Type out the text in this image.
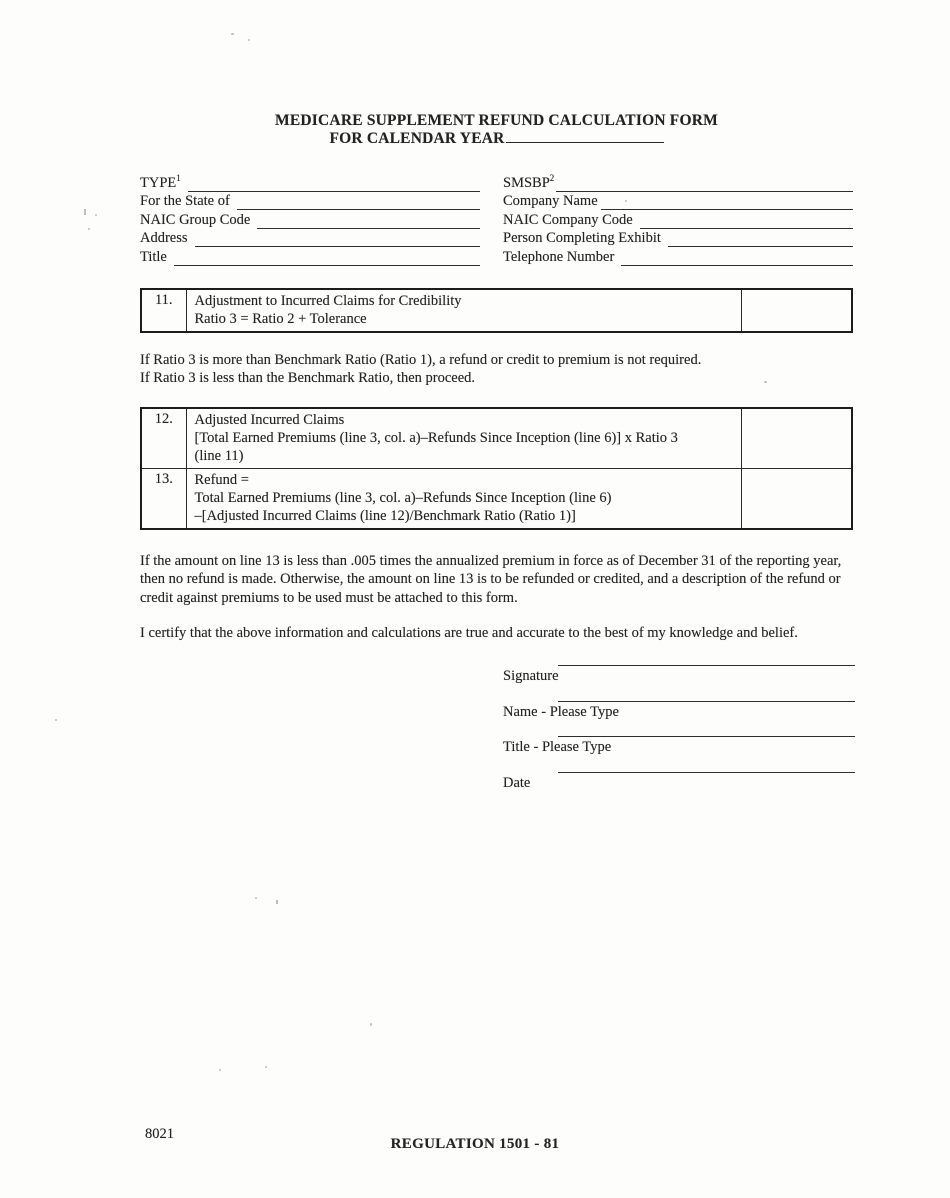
MEDICARE SUPPLEMENT REFUND CALCULATION FORM
FOR CALENDAR YEAR
TYPE$^1$
For the State of
NAIC Group Code
Address
Title
SMSBP$^2$
Company Name
NAIC Company Code
Person Completing Exhibit
Telephone Number
11.	Adjustment to Incurred Claims for Credibility
Ratio 3 = Ratio 2 + Tolerance

If Ratio 3 is more than Benchmark Ratio (Ratio 1), a refund or credit to premium is not required.
If Ratio 3 is less than the Benchmark Ratio, then proceed.
12.	Adjusted Incurred Claims
[Total Earned Premiums (line 3, col. a)–Refunds Since Inception (line 6)] x Ratio 3
(line 11)	

13.	Refund =
Total Earned Premiums (line 3, col. a)–Refunds Since Inception (line 6)
–[Adjusted Incurred Claims (line 12)/Benchmark Ratio (Ratio 1)]	

If the amount on line 13 is less than .005 times the annualized premium in force as of December 31 of the reporting year, then no refund is made. Otherwise, the amount on line 13 is to be refunded or credited, and a description of the refund or credit against premiums to be used must be attached to this form.

I certify that the above information and calculations are true and accurate to the best of my knowledge and belief.

Signature
Name - Please Type
Title - Please Type
Date
8021
REGULATION 1501 - 81
